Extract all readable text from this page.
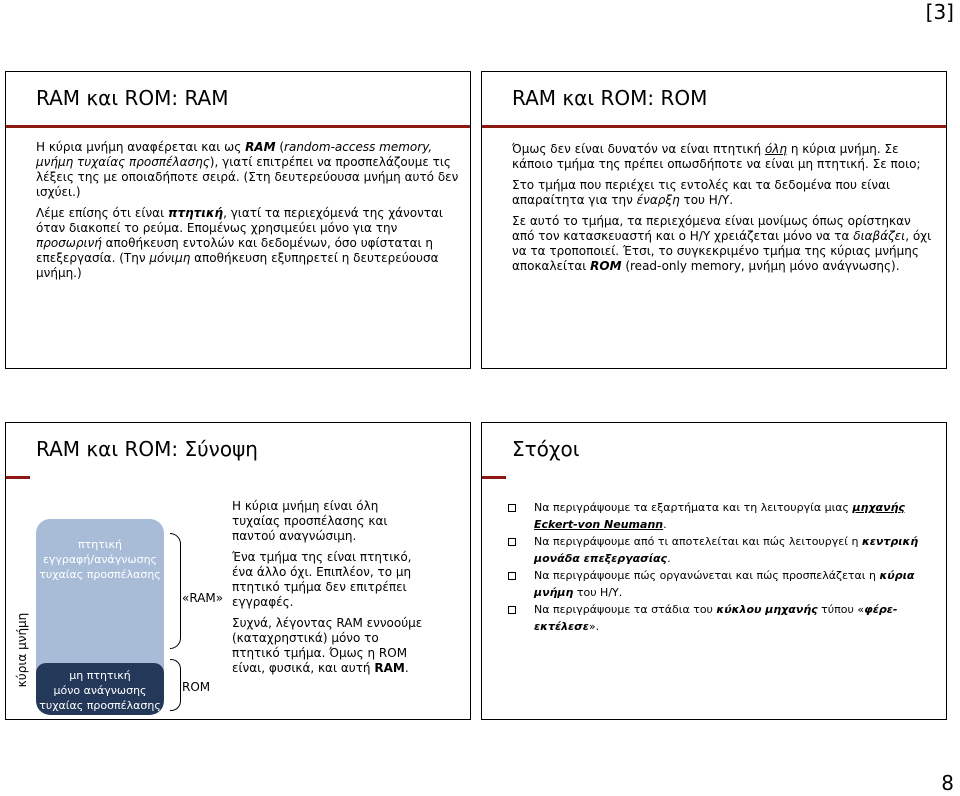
[3]
RAM και ROM: RAM

Η κύρια μνήμη αναφέρεται και ως RAM (random-access memory, μνήμη τυχαίας προσπέλασης), γιατί επιτρέπει να προσπελάζουμε τις λέξεις της με οποιαδήποτε σειρά. (Στη δευτερεύουσα μνήμη αυτό δεν ισχύει.)

Λέμε επίσης ότι είναι πτητική, γιατί τα περιεχόμενά της χάνονται όταν διακοπεί το ρεύμα. Επομένως χρησιμεύει μόνο για την προσωρινή αποθήκευση εντολών και δεδομένων, όσο υφίσταται η επεξεργασία. (Την μόνιμη αποθήκευση εξυπηρετεί η δευτερεύουσα μνήμη.)

RAM και ROM: ROM

Όμως δεν είναι δυνατόν να είναι πτητική όλη η κύρια μνήμη. Σε κάποιο τμήμα της πρέπει οπωσδήποτε να είναι μη πτητική. Σε ποιο;

Στο τμήμα που περιέχει τις εντολές και τα δεδομένα που είναι απαραίτητα για την έναρξη του Η/Υ.

Σε αυτό το τμήμα, τα περιεχόμενα είναι μονίμως όπως ορίστηκαν από τον κατασκευαστή και ο Η/Υ χρειάζεται μόνο να τα διαβάζει, όχι να τα τροποποιεί. Έτσι, το συγκεκριμένο τμήμα της κύριας μνήμης αποκαλείται ROM (read-only memory, μνήμη μόνο ανάγνωσης).

RAM και ROM: Σύνοψη
κύρια μνήμη
πτητική
εγγραφή/ανάγνωσης
τυχαίας προσπέλασης
μη πτητική
μόνο ανάγνωσης
τυχαίας προσπέλασης
«RAM»
ROM

Η κύρια μνήμη είναι όλη τυχαίας προσπέλασης και παντού αναγνώσιμη.

Ένα τμήμα της είναι πτητικό, ένα άλλο όχι. Επιπλέον, το μη πτητικό τμήμα δεν επιτρέπει εγγραφές.

Συχνά, λέγοντας RAM εννοούμε (καταχρηστικά) μόνο το πτητικό τμήμα. Όμως η ROM είναι, φυσικά, και αυτή RAM.

Στόχοι
Να περιγράψουμε τα εξαρτήματα και τη λειτουργία μιας μηχανής Eckert-von Neumann.
Να περιγράψουμε από τι αποτελείται και πώς λειτουργεί η κεντρική μονάδα επεξεργασίας.
Να περιγράψουμε πώς οργανώνεται και πώς προσπελάζεται η κύρια μνήμη του Η/Υ.
Να περιγράψουμε τα στάδια του κύκλου μηχανής τύπου «φέρε-εκτέλεσε».
8
